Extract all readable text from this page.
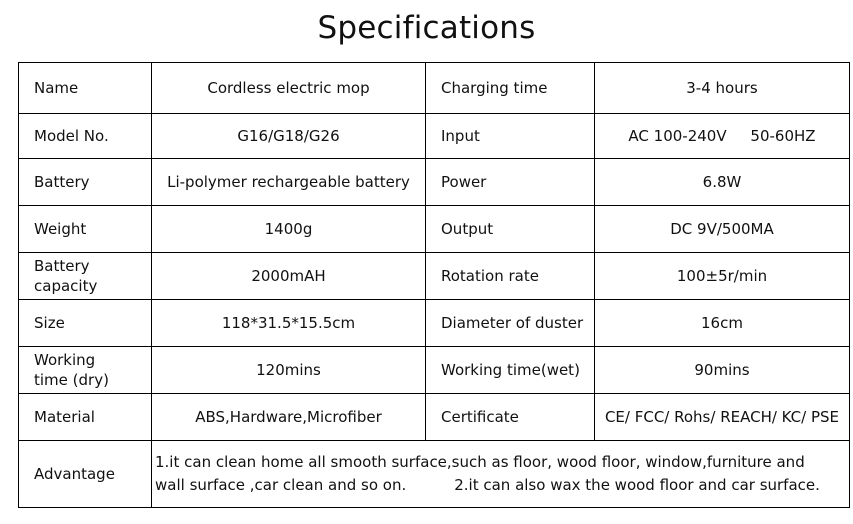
Specifications
Name	Cordless electric mop	Charging time	3-4 hours
Model No.	G16/G18/G26	Input	AC 100-240V     50-60HZ
Battery	Li-polymer rechargeable battery	Power	6.8W
Weight	1400g	Output	DC 9V/500MA
Battery capacity	2000mAH	Rotation rate	100±5r/min
Size	118*31.5*15.5cm	Diameter of duster	16cm
Working time (dry)	120mins	Working time(wet)	90mins
Material	ABS,Hardware,Microfiber	Certificate	CE/ FCC/ Rohs/ REACH/ KC/ PSE
Advantage	1.it can clean home all smooth surface,such as floor, wood floor, window,furniture and wall surface ,car clean and so on. 2.it can also wax the wood floor and car surface.		
